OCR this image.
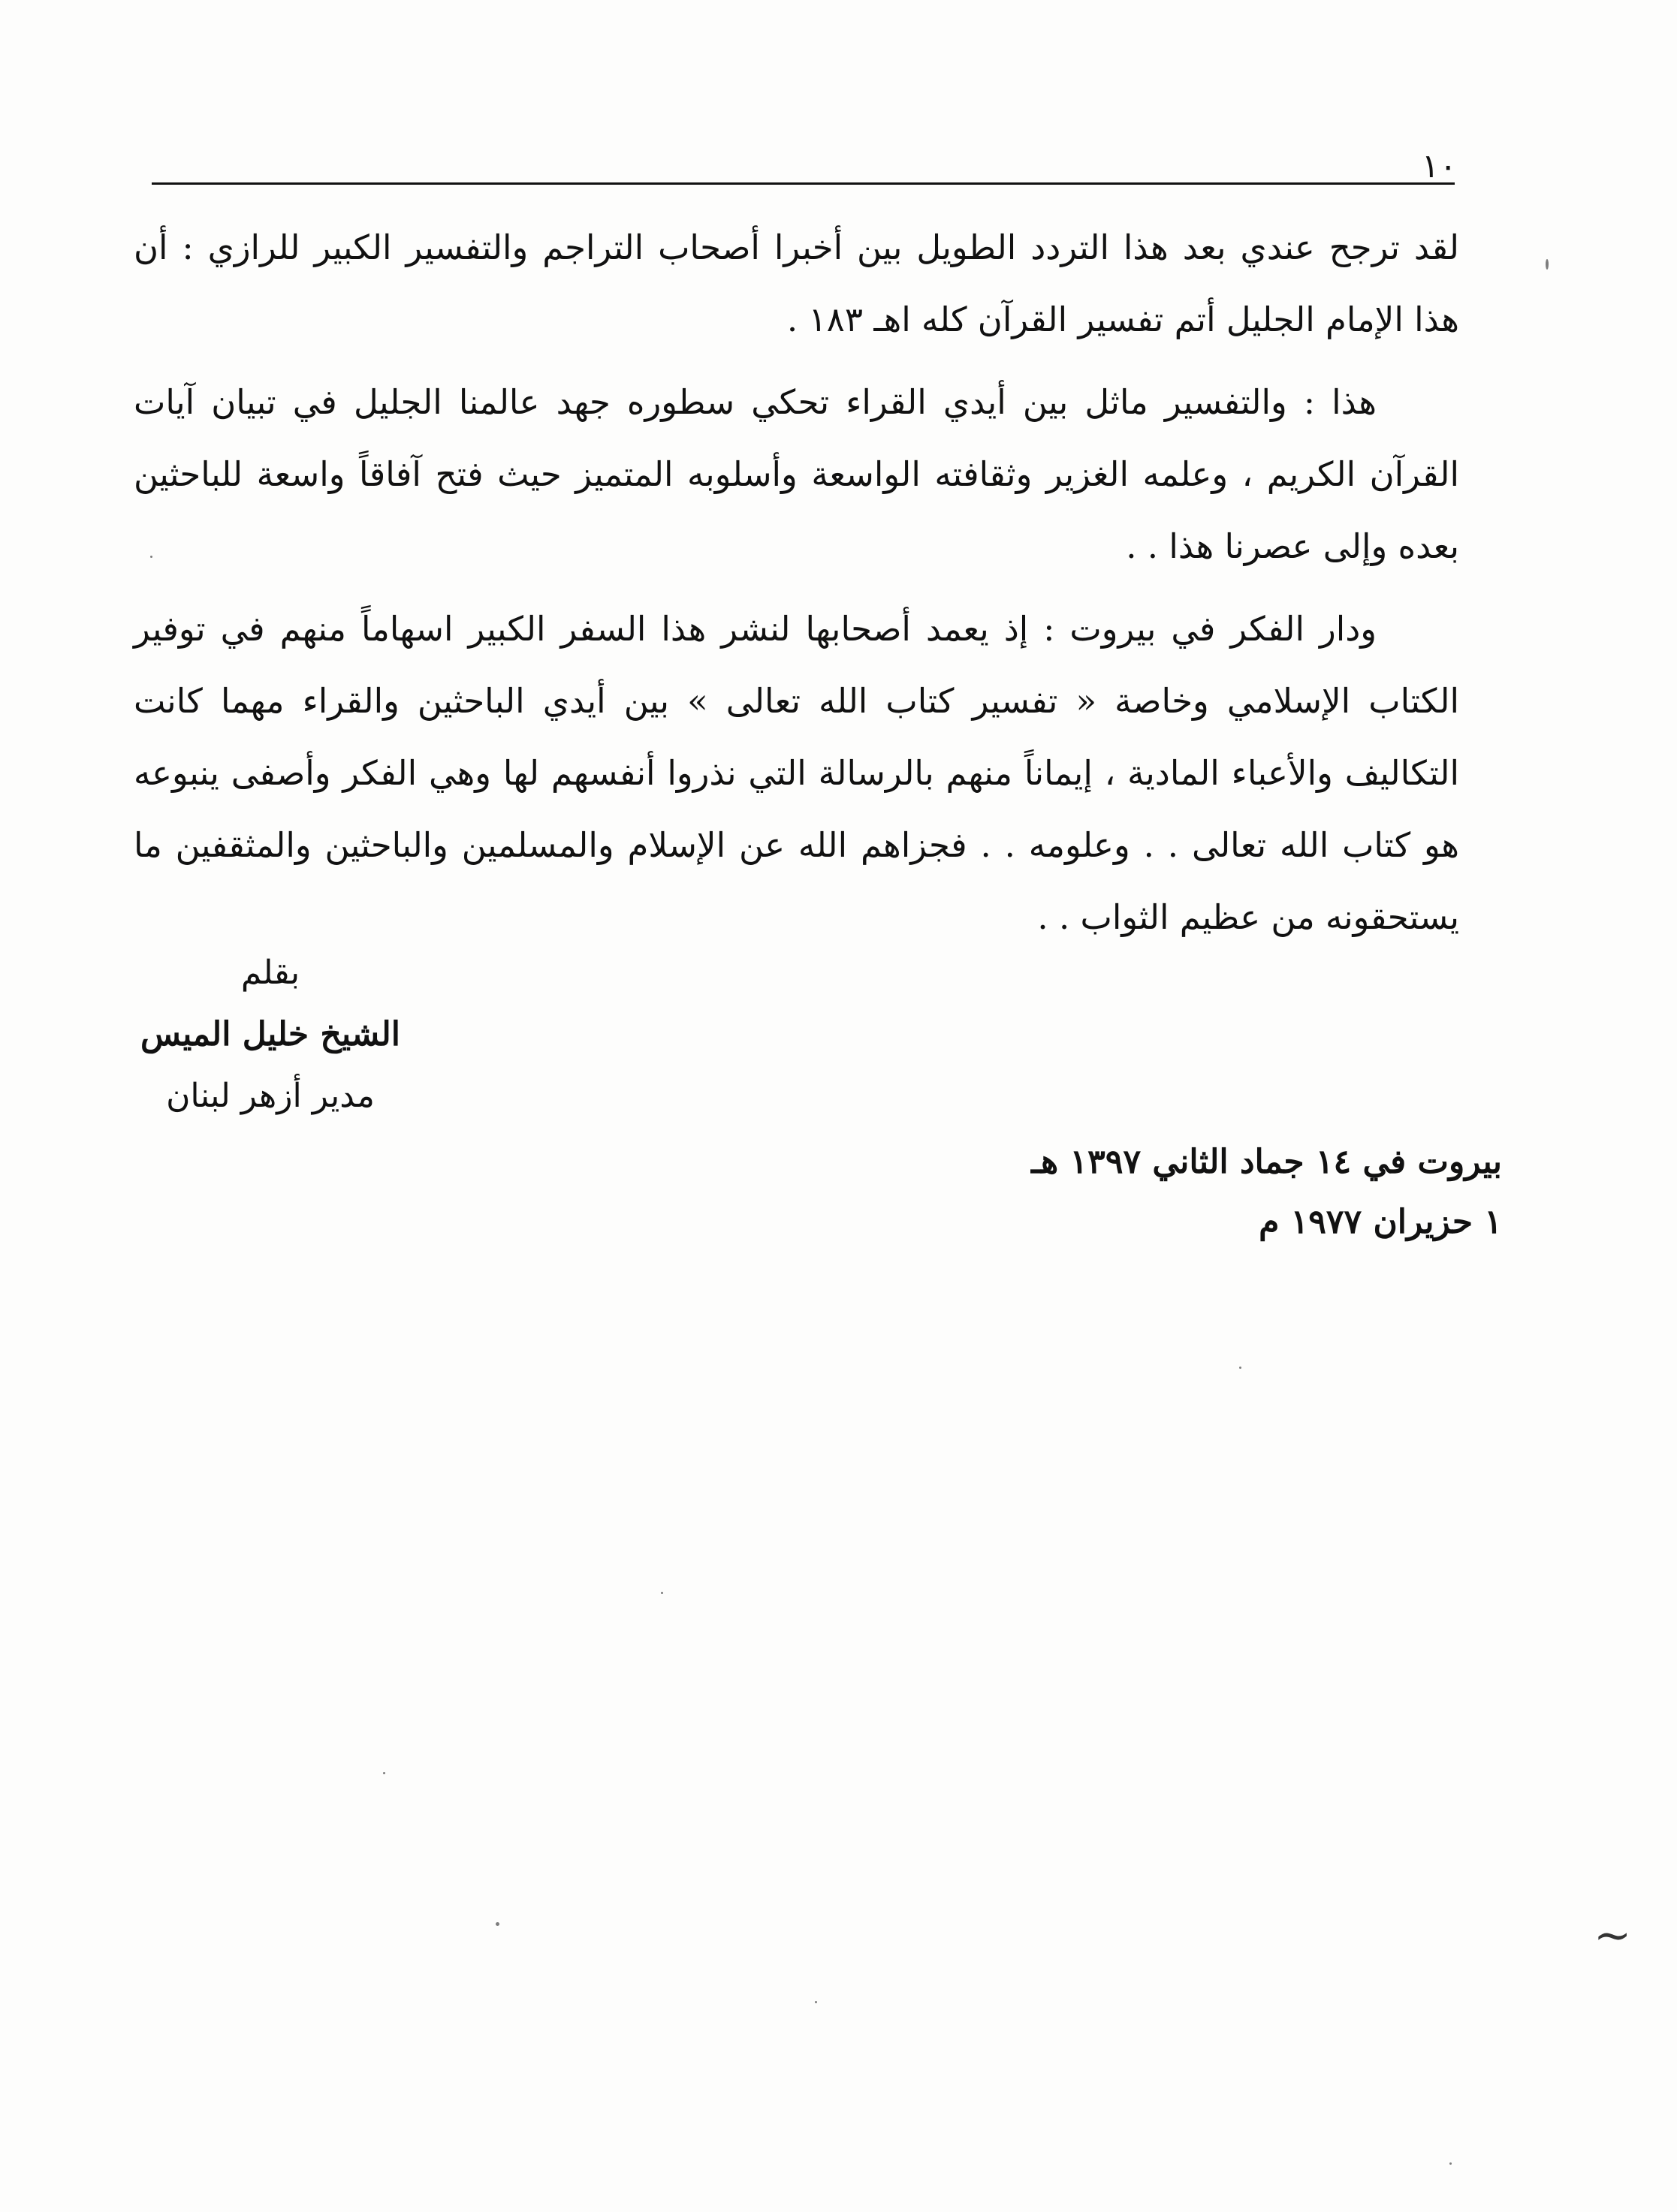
١٠

لقد ترجح عندي بعد هذا التردد الطويل بين أخبرا أصحاب التراجم والتفسير الكبير للرازي : أن هذا الإمام الجليل أتم تفسير القرآن كله اهـ ١٨٣ .

هذا : والتفسير ماثل بين أيدي القراء تحكي سطوره جهد عالمنا الجليل في تبيان آيات القرآن الكريم ، وعلمه الغزير وثقافته الواسعة وأسلوبه المتميز حيث فتح آفاقاً واسعة للباحثين بعده وإلى عصرنا هذا . .

ودار الفكر في بيروت : إذ يعمد أصحابها لنشر هذا السفر الكبير اسهاماً منهم في توفير الكتاب الإسلامي وخاصة « تفسير كتاب الله تعالى » بين أيدي الباحثين والقراء مهما كانت التكاليف والأعباء المادية ، إيماناً منهم بالرسالة التي نذروا أنفسهم لها وهي الفكر وأصفى ينبوعه هو كتاب الله تعالى . . وعلومه . . فجزاهم الله عن الإسلام والمسلمين والباحثين والمثقفين ما يستحقونه من عظيم الثواب . .

بقلم
الشيخ خليل الميس
مدير أزهر لبنان
بيروت في ١٤ جماد الثاني ١٣٩٧ هـ
١ حزيران ١٩٧٧ م
~
